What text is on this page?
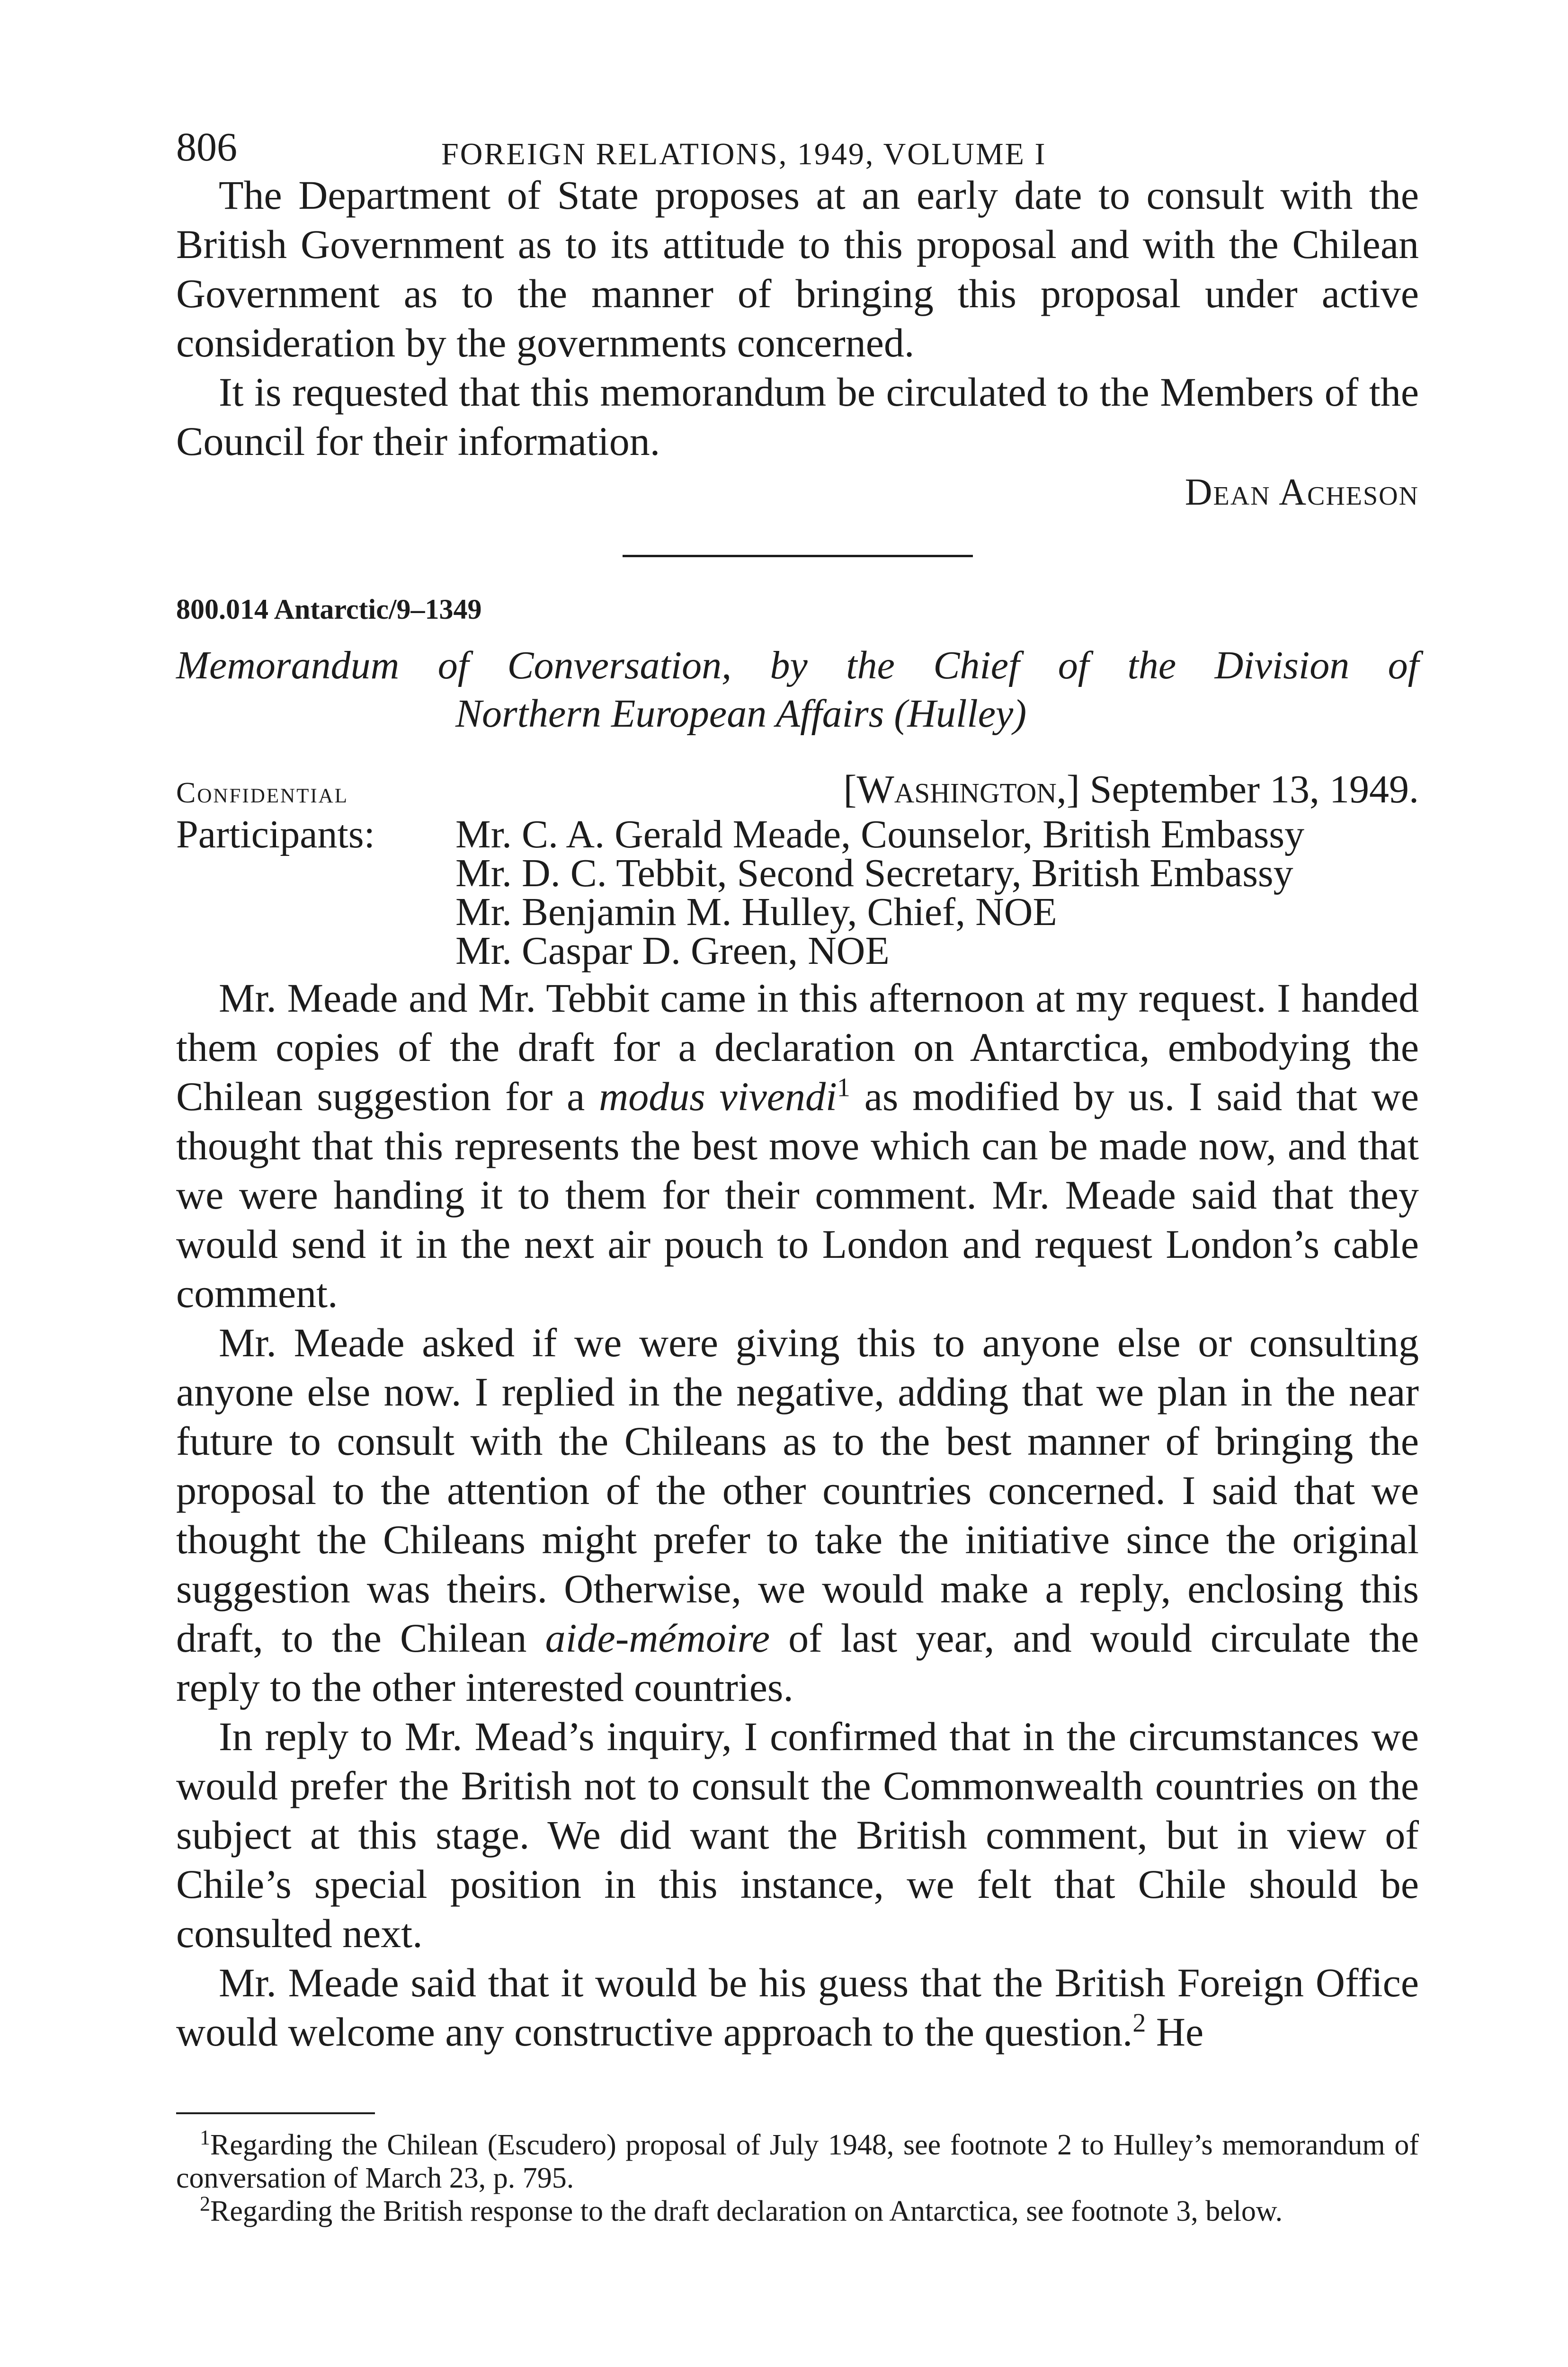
806	FOREIGN RELATIONS, 1949, VOLUME I

The Department of State proposes at an early date to consult with the British Government as to its attitude to this proposal and with the Chilean Government as to the manner of bringing this proposal under active consideration by the governments concerned.

It is requested that this memorandum be circulated to the Members of the Council for their information.

Dean Acheson
800.014 Antarctic/9–1349
Memorandum of Conversation, by the Chief of the Division of
Northern European Affairs (Hulley)
Confidential	[Washington,] September 13, 1949.
Participants:	Mr. C. A. Gerald Meade, Counselor, British Embassy
Mr. D. C. Tebbit, Second Secretary, British Embassy
Mr. Benjamin M. Hulley, Chief, NOE
Mr. Caspar D. Green, NOE

Mr. Meade and Mr. Tebbit came in this afternoon at my request. I handed them copies of the draft for a declaration on Antarctica, embodying the Chilean suggestion for a modus vivendi$^1$ as modified by us. I said that we thought that this represents the best move which can be made now, and that we were handing it to them for their comment. Mr. Meade said that they would send it in the next air pouch to London and request London’s cable comment.

Mr. Meade asked if we were giving this to anyone else or consulting anyone else now. I replied in the negative, adding that we plan in the near future to consult with the Chileans as to the best manner of bringing the proposal to the attention of the other countries concerned. I said that we thought the Chileans might prefer to take the initiative since the original suggestion was theirs. Otherwise, we would make a reply, enclosing this draft, to the Chilean aide-mémoire of last year, and would circulate the reply to the other interested countries.

In reply to Mr. Mead’s inquiry, I confirmed that in the circumstances we would prefer the British not to consult the Commonwealth countries on the subject at this stage. We did want the British comment, but in view of Chile’s special position in this instance, we felt that Chile should be consulted next.

Mr. Meade said that it would be his guess that the British Foreign Office would welcome any constructive approach to the question.$^2$ He

$^1$Regarding the Chilean (Escudero) proposal of July 1948, see footnote 2 to Hulley’s memorandum of conversation of March 23, p. 795.
$^2$Regarding the British response to the draft declaration on Antarctica, see footnote 3, below.
